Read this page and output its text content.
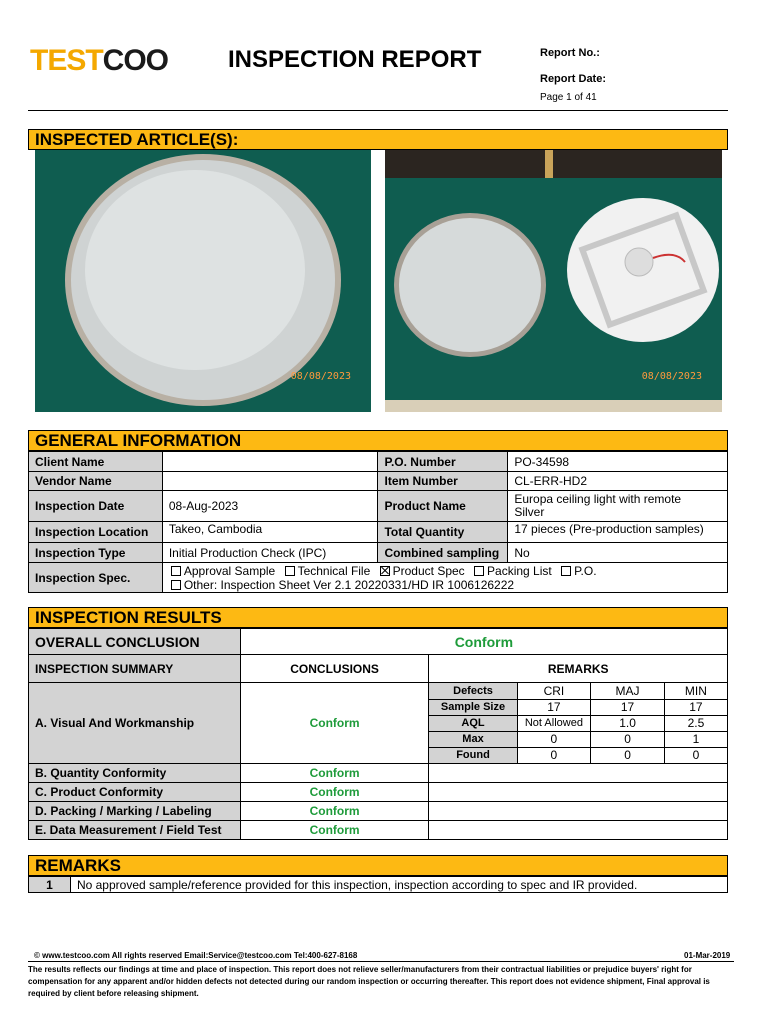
TESTCOO INSPECTION REPORT	Report No.:
Report Date:
Page 1 of 41
INSPECTED ARTICLE(S):
08/08/2023	08/08/2023
GENERAL INFORMATION
Client Name		P.O. Number	PO-34598
Vendor Name		Item Number	CL-ERR-HD2
Inspection Date	08-Aug-2023	Product Name	Europa ceiling light with remote
Silver
Inspection Location	Takeo, Cambodia	Total Quantity	17 pieces (Pre-production samples)
Inspection Type	Initial Production Check (IPC)	Combined sampling	No
Inspection Spec.	Approval Sample Technical File Product Spec Packing List P.O.
Other: Inspection Sheet Ver 2.1 20220331/HD IR 1006126222		
INSPECTION RESULTS
OVERALL CONCLUSION	Conform
INSPECTION SUMMARY	CONCLUSIONS	REMARKS
A. Visual And Workmanship	Conform	
Defects	CRI	MAJ	MIN
Sample Size	17	17	17
AQL	Not Allowed	1.0	2.5
Max	0	0	1
Found	0	0	0

B. Quantity Conformity	Conform	
C. Product Conformity	Conform	
D. Packing / Marking / Labeling	Conform	
E. Data Measurement / Field Test	Conform	
REMARKS
1	No approved sample/reference provided for this inspection, inspection according to spec and IR provided.
© www.testcoo.com All rights reserved Email:Service@testcoo.com Tel:400-627-8168	01-Mar-2019
The results reflects our findings at time and place of inspection. This report does not relieve seller/manufacturers from their contractual liabilities or prejudice buyers' right for compensation for any apparent and/or hidden defects not detected during our random inspection or occurring thereafter. This report does not evidence shipment, Final approval is required by client before releasing shipment.
